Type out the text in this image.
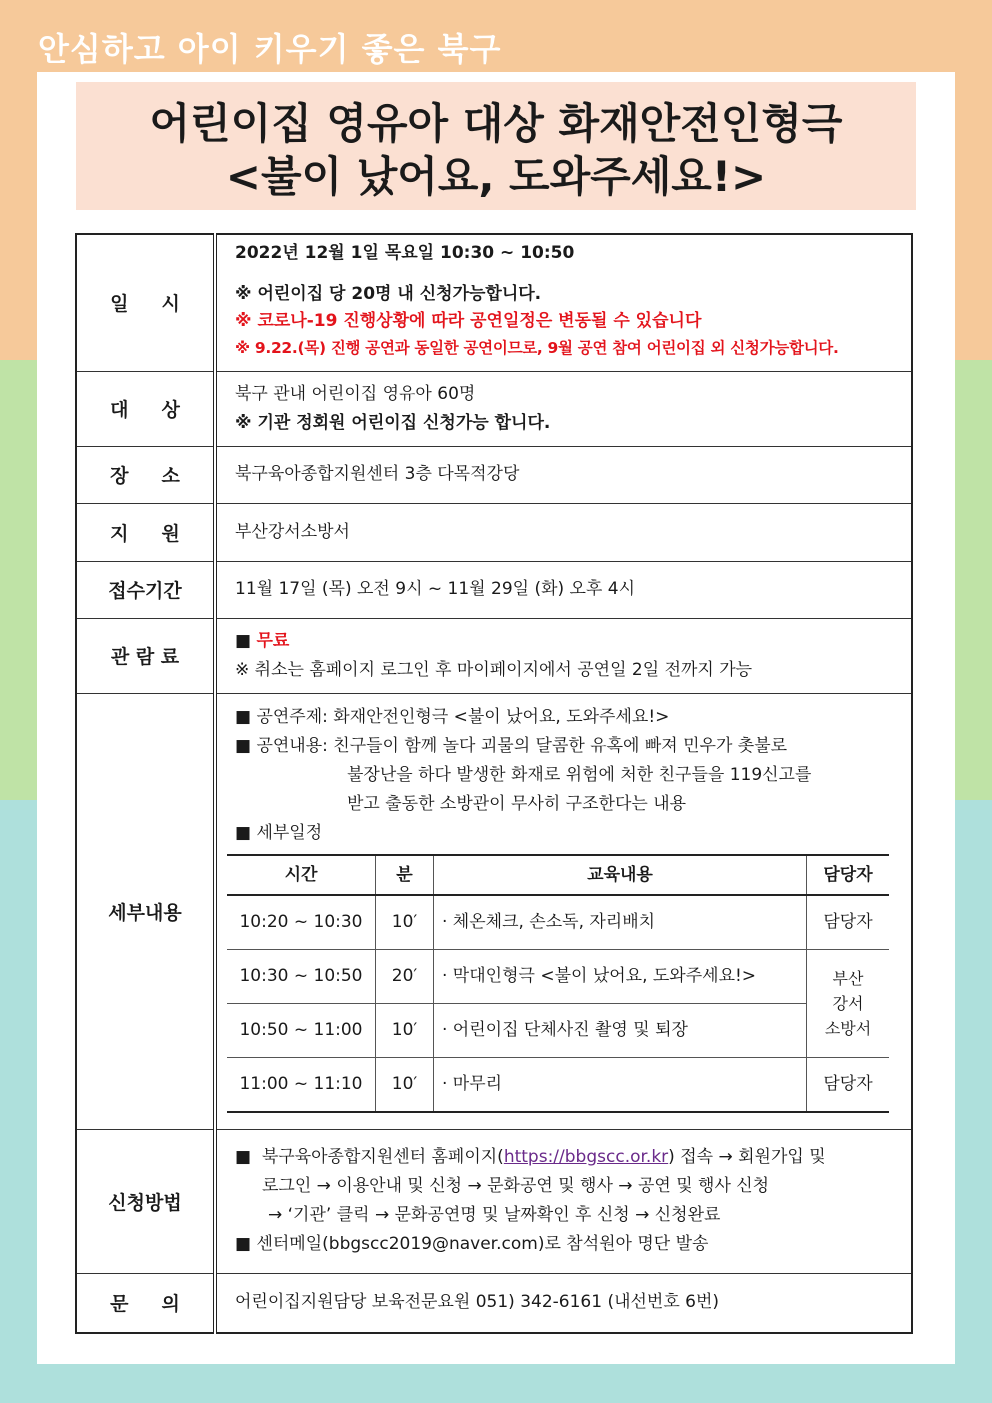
안심하고 아이 키우기 좋은 북구
어린이집 영유아 대상 화재안전인형극
<불이 났어요, 도와주세요!>
일     시	
2022년 12월 1일 목요일 10:30 ~ 10:50
※ 어린이집 당 20명 내 신청가능합니다.
※ 코로나-19 진행상황에 따라 공연일정은 변동될 수 있습니다
※ 9.22.(목) 진행 공연과 동일한 공연이므로, 9월 공연 참여 어린이집 외 신청가능합니다.

대     상	
북구 관내 어린이집 영유아 60명
※ 기관 정회원 어린이집 신청가능 합니다.

장     소	북구육아종합지원센터 3층 다목적강당
지     원	부산강서소방서
접수기간	11월 17일 (목) 오전 9시 ~ 11월 29일 (화) 오후 4시
관 람 료	
■ 무료
※ 취소는 홈페이지 로그인 후 마이페이지에서 공연일 2일 전까지 가능

세부내용	
■ 공연주제: 화재안전인형극 <불이 났어요, 도와주세요!>
■ 공연내용: 친구들이 함께 놀다 괴물의 달콤한 유혹에 빠져 민우가 촛불로
불장난을 하다 발생한 화재로 위험에 처한 친구들을 119신고를
받고 출동한 소방관이 무사히 구조한다는 내용
■ 세부일정
시간	분	교육내용	담당자
10:20 ~ 10:30	10′	· 체온체크, 손소독, 자리배치	담당자
10:30 ~ 10:50	20′	· 막대인형극 <불이 났어요, 도와주세요!>	부산
강서
소방서
10:50 ~ 11:00	10′	· 어린이집 단체사진 촬영 및 퇴장
11:00 ~ 11:10	10′	· 마무리	담당자

신청방법	
■  북구육아종합지원센터 홈페이지(https://bbgscc.or.kr) 접속 → 회원가입 및
로그인 → 이용안내 및 신청 → 문화공연 및 행사 → 공연 및 행사 신청
→ ‘기관’ 클릭 → 문화공연명 및 날짜확인 후 신청 → 신청완료
■ 센터메일(bbgscc2019@naver.com)로 참석원아 명단 발송

문     의	어린이집지원담당 보육전문요원 051) 342-6161 (내선번호 6번)
